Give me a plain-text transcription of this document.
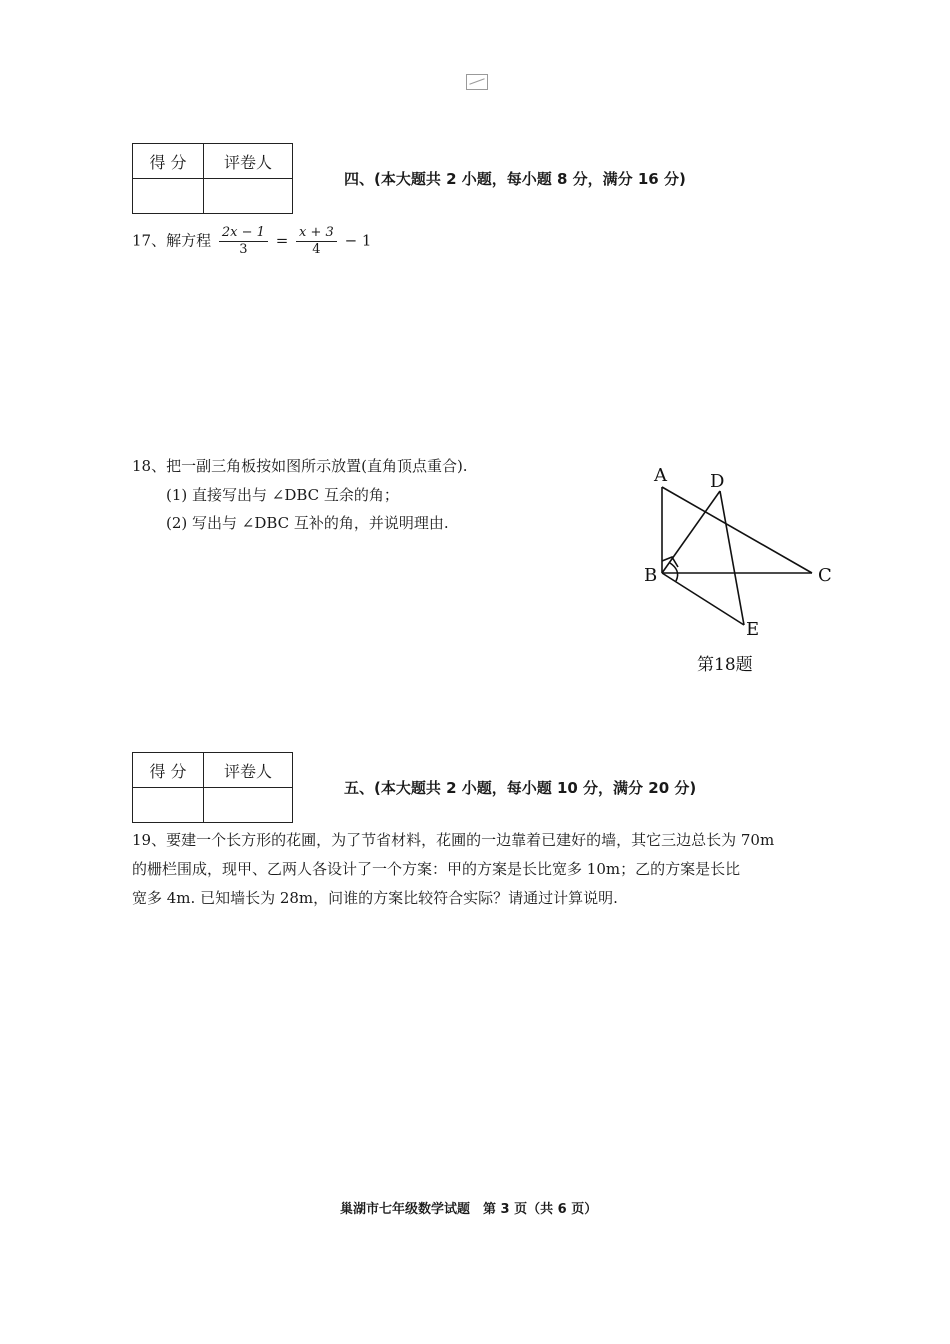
得 分	评卷人

四、(本大题共 2 小题，每小题 8 分，满分 16 分)
17、解方程 $\frac{2x - 1}{3} = \frac{x + 3}{4} - 1$
18、把一副三角板按如图所示放置(直角顶点重合).
(1) 直接写出与 ∠DBC 互余的角；
(2) 写出与 ∠DBC 互补的角，并说明理由.
A D
B	C
E
第18题
得 分	评卷人

五、(本大题共 2 小题，每小题 10 分，满分 20 分)
19、要建一个长方形的花圃，为了节省材料，花圃的一边靠着已建好的墙，其它三边总长为 70m
的栅栏围成，现甲、乙两人各设计了一个方案：甲的方案是长比宽多 10m；乙的方案是长比
宽多 4m. 已知墙长为 28m，问谁的方案比较符合实际？请通过计算说明.
巢湖市七年级数学试题　第 3 页（共 6 页）
